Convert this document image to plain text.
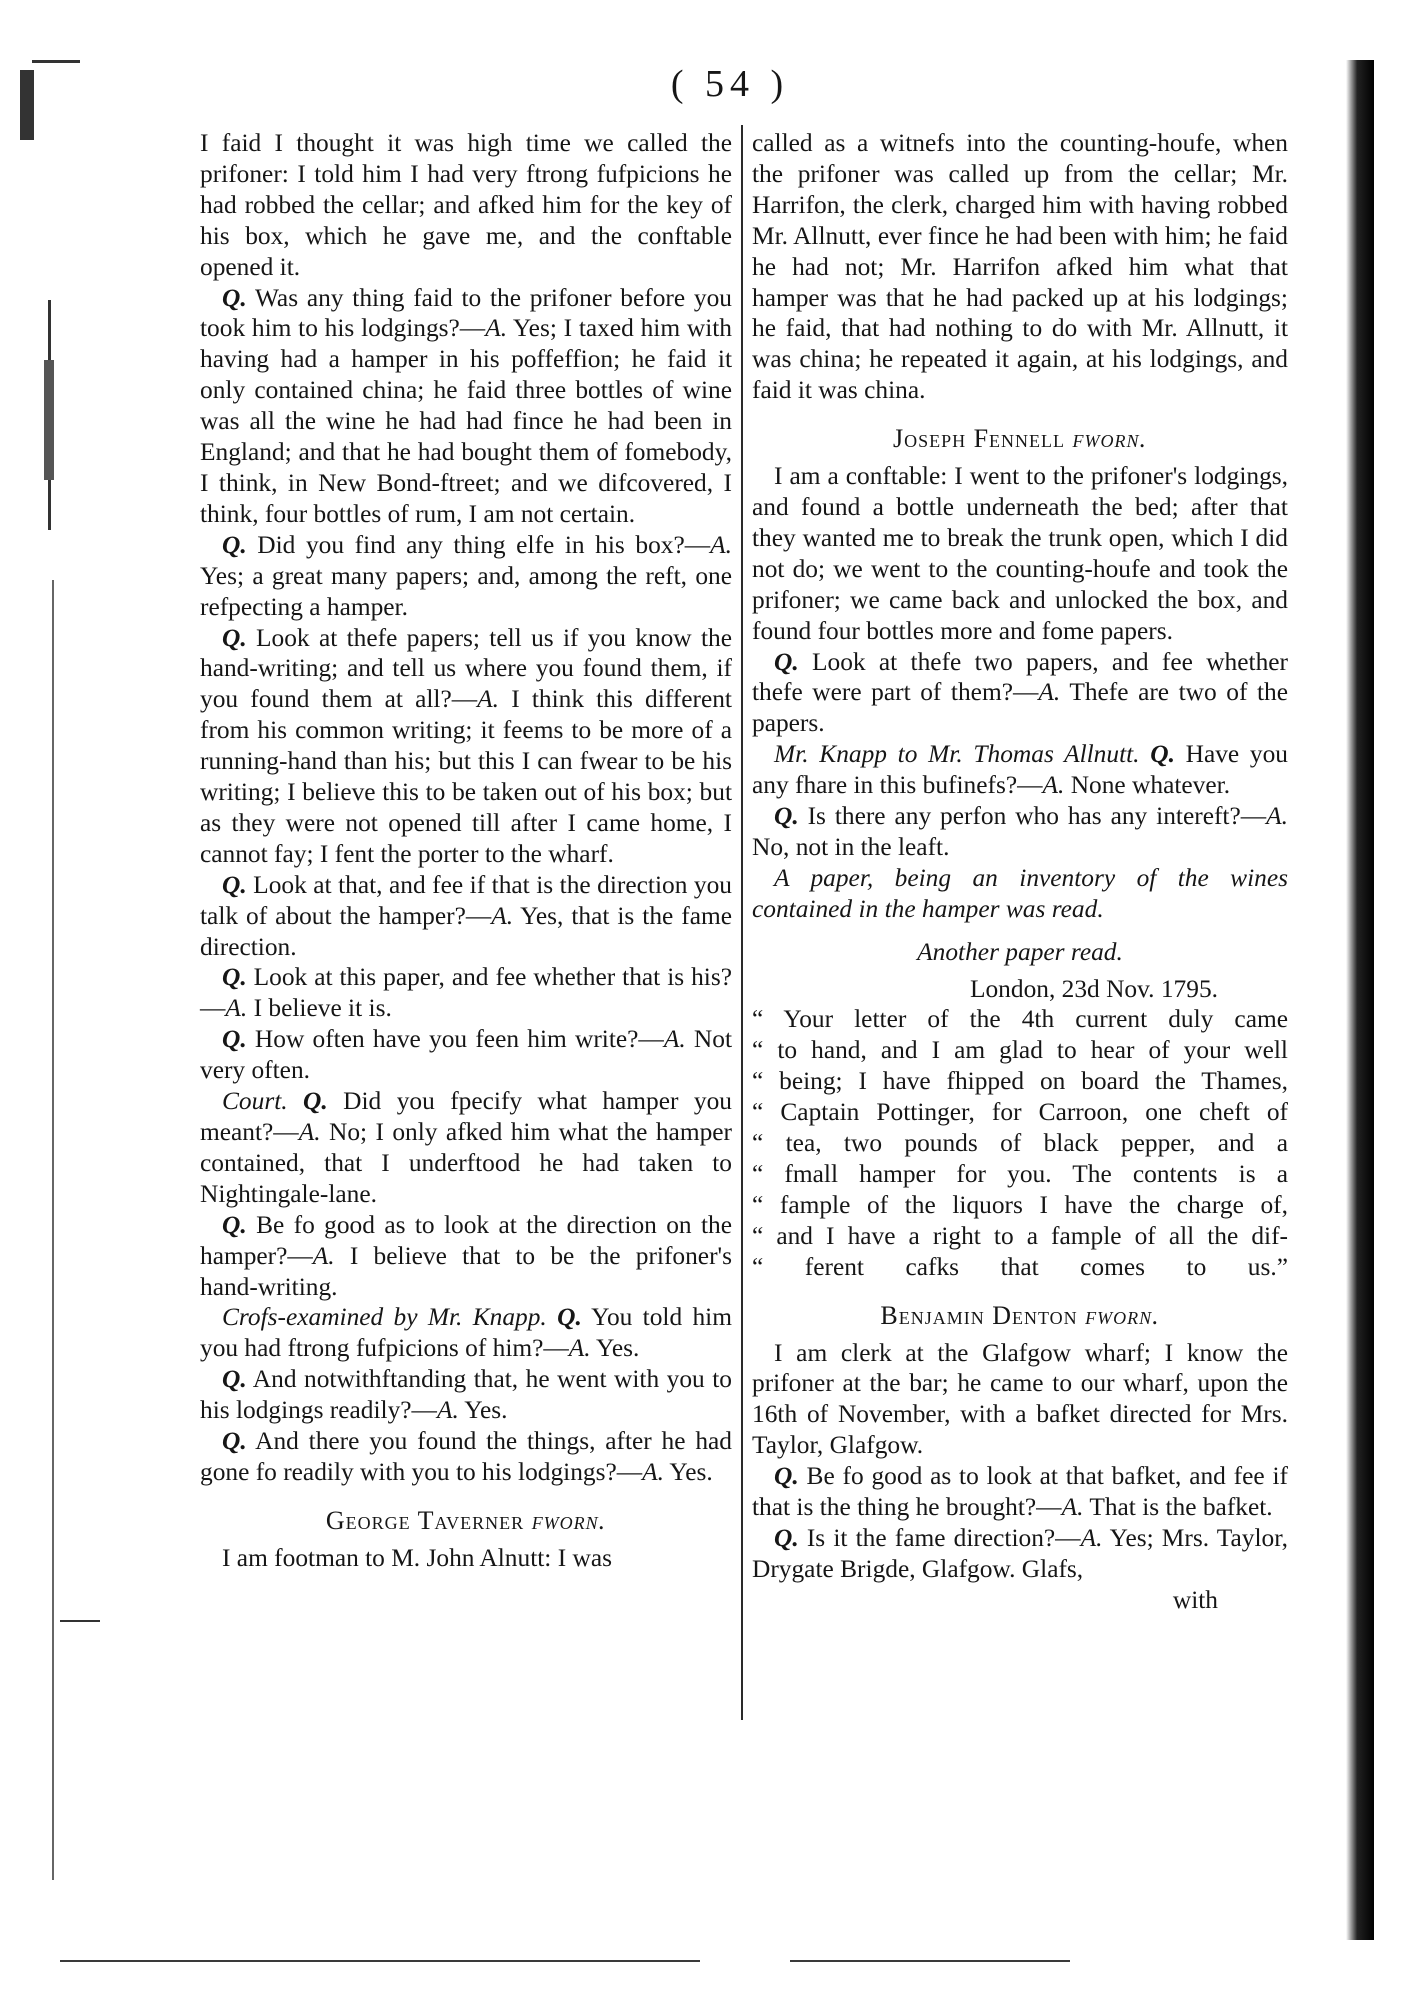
( 54 )

I faid I thought it was high time we called the prifoner: I told him I had very ftrong fufpicions he had robbed the cellar; and afked him for the key of his box, which he gave me, and the conftable opened it.

Q. Was any thing faid to the prifoner before you took him to his lodgings?—A. Yes; I taxed him with having had a hamper in his poffeffion; he faid it only contained china; he faid three bottles of wine was all the wine he had had fince he had been in England; and that he had bought them of fomebody, I think, in New Bond-ftreet; and we difcovered, I think, four bottles of rum, I am not certain.

Q. Did you find any thing elfe in his box?—A. Yes; a great many papers; and, among the reft, one refpecting a hamper.

Q. Look at thefe papers; tell us if you know the hand-writing; and tell us where you found them, if you found them at all?—A. I think this different from his common writing; it feems to be more of a running-hand than his; but this I can fwear to be his writing; I believe this to be taken out of his box; but as they were not opened till after I came home, I cannot fay; I fent the porter to the wharf.

Q. Look at that, and fee if that is the direction you talk of about the hamper?—A. Yes, that is the fame direction.

Q. Look at this paper, and fee whether that is his?—A. I believe it is.

Q. How often have you feen him write?—A. Not very often.

Court. Q. Did you fpecify what hamper you meant?—A. No; I only afked him what the hamper contained, that I underftood he had taken to Nightingale-lane.

Q. Be fo good as to look at the direction on the hamper?—A. I believe that to be the prifoner's hand-writing.

Crofs-examined by Mr. Knapp. Q. You told him you had ftrong fufpicions of him?—A. Yes.

Q. And notwithftanding that, he went with you to his lodgings readily?—A. Yes.

Q. And there you found the things, after he had gone fo readily with you to his lodgings?—A. Yes.

George Taverner fworn.

I am footman to M. John Alnutt: I was

called as a witnefs into the counting-houfe, when the prifoner was called up from the cellar; Mr. Harrifon, the clerk, charged him with having robbed Mr. Allnutt, ever fince he had been with him; he faid he had not; Mr. Harrifon afked him what that hamper was that he had packed up at his lodgings; he faid, that had nothing to do with Mr. Allnutt, it was china; he repeated it again, at his lodgings, and faid it was china.

Joseph Fennell fworn.

I am a conftable: I went to the prifoner's lodgings, and found a bottle underneath the bed; after that they wanted me to break the trunk open, which I did not do; we went to the counting-houfe and took the prifoner; we came back and unlocked the box, and found four bottles more and fome papers.

Q. Look at thefe two papers, and fee whether thefe were part of them?—A. Thefe are two of the papers.

Mr. Knapp to Mr. Thomas Allnutt. Q. Have you any fhare in this bufinefs?—A. None whatever.

Q. Is there any perfon who has any intereft?—A. No, not in the leaft.

A paper, being an inventory of the wines contained in the hamper was read.

Another paper read.

London, 23d Nov. 1795.

“ Your letter of the 4th current duly came
“ to hand, and I am glad to hear of your well
“ being; I have fhipped on board the Thames,
“ Captain Pottinger, for Carroon, one cheft of
“ tea, two pounds of black pepper, and a
“ fmall hamper for you. The contents is a
“ fample of the liquors I have the charge of,
“ and I have a right to a fample of all the dif-
“ ferent cafks that comes to us.”

Benjamin Denton fworn.

I am clerk at the Glafgow wharf; I know the prifoner at the bar; he came to our wharf, upon the 16th of November, with a bafket directed for Mrs. Taylor, Glafgow.

Q. Be fo good as to look at that bafket, and fee if that is the thing he brought?—A. That is the bafket.

Q. Is it the fame direction?—A. Yes; Mrs. Taylor, Drygate Brigde, Glafgow. Glafs,

with
